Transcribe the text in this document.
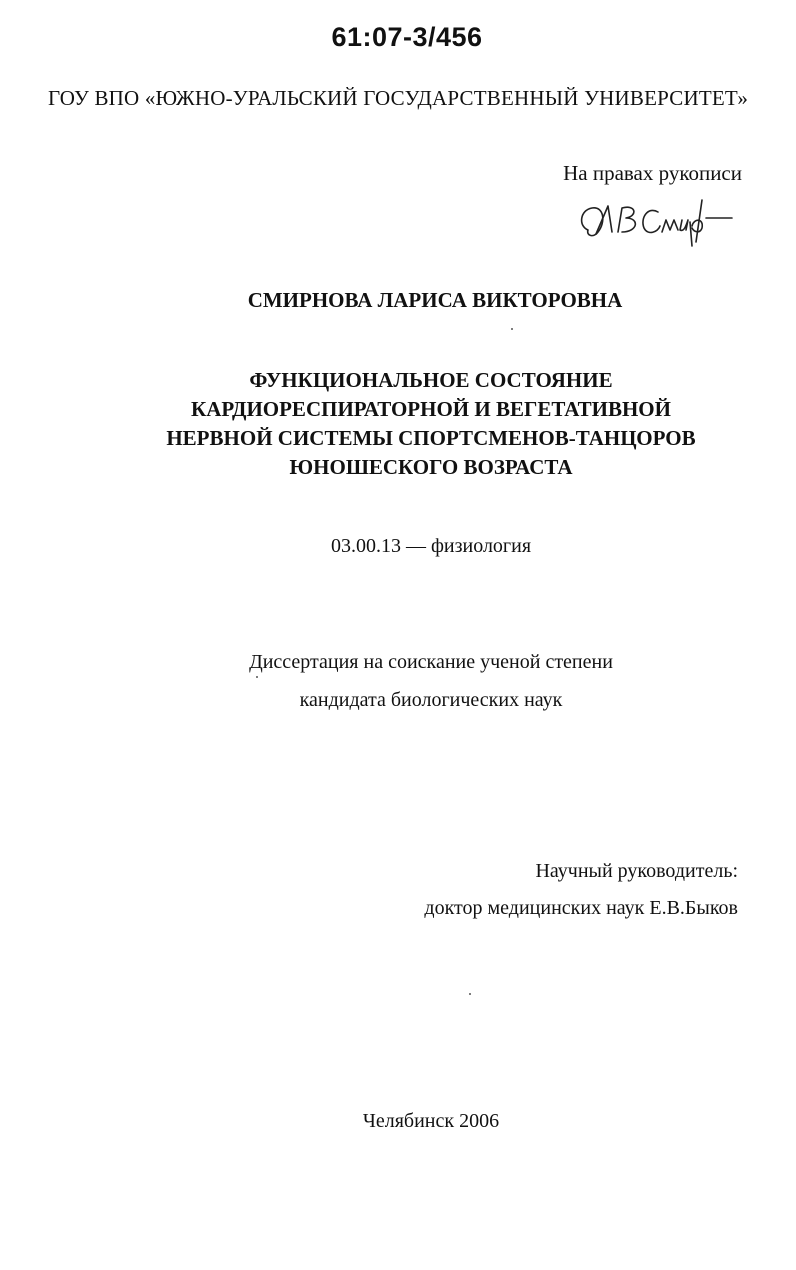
61:07-3/456
ГОУ ВПО «ЮЖНО-УРАЛЬСКИЙ ГОСУДАРСТВЕННЫЙ УНИВЕРСИТЕТ»
На правах рукописи
СМИРНОВА ЛАРИСА ВИКТОРОВНА
ФУНКЦИОНАЛЬНОЕ СОСТОЯНИЕ
КАРДИОРЕСПИРАТОРНОЙ И ВЕГЕТАТИВНОЙ
НЕРВНОЙ СИСТЕМЫ СПОРТСМЕНОВ-ТАНЦОРОВ
ЮНОШЕСКОГО ВОЗРАСТА
03.00.13 — физиология
Диссертация на соискание ученой степени
кандидата биологических наук
Научный руководитель:
доктор медицинских наук Е.В.Быков
Челябинск 2006
